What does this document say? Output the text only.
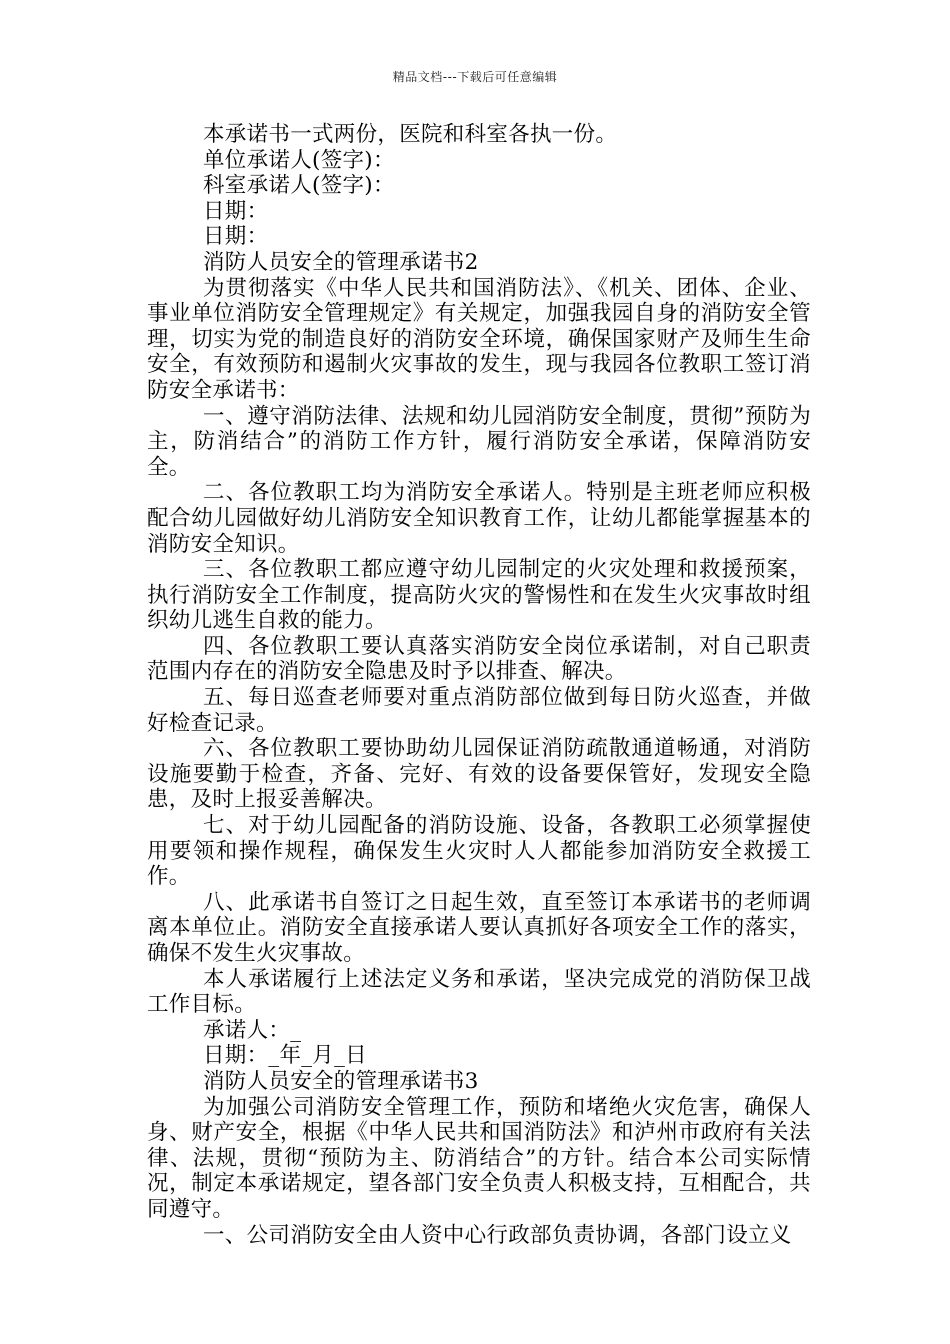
精品文档---下载后可任意编辑

本承诺书一式两份，医院和科室各执一份。

单位承诺人(签字)：

科室承诺人(签字)：

日期：

日期：

消防人员安全的管理承诺书2

为贯彻落实《中华人民共和国消防法》、《机关、团体、企业、事业单位消防安全管理规定》有关规定，加强我园自身的消防安全管理，切实为党的制造良好的消防安全环境，确保国家财产及师生生命安全，有效预防和遏制火灾事故的发生，现与我园各位教职工签订消防安全承诺书：

一、遵守消防法律、法规和幼儿园消防安全制度，贯彻”预防为主，防消结合”的消防工作方针，履行消防安全承诺，保障消防安全。

二、各位教职工均为消防安全承诺人。特别是主班老师应积极配合幼儿园做好幼儿消防安全知识教育工作，让幼儿都能掌握基本的消防安全知识。

三、各位教职工都应遵守幼儿园制定的火灾处理和救援预案，执行消防安全工作制度，提高防火灾的警惕性和在发生火灾事故时组织幼儿逃生自救的能力。

四、各位教职工要认真落实消防安全岗位承诺制，对自己职责范围内存在的消防安全隐患及时予以排查、解决。

五、每日巡查老师要对重点消防部位做到每日防火巡查，并做好检查记录。

六、各位教职工要协助幼儿园保证消防疏散通道畅通，对消防设施要勤于检查，齐备、完好、有效的设备要保管好，发现安全隐患，及时上报妥善解决。

七、对于幼儿园配备的消防设施、设备，各教职工必须掌握使用要领和操作规程，确保发生火灾时人人都能参加消防安全救援工作。

八、此承诺书自签订之日起生效，直至签订本承诺书的老师调离本单位止。消防安全直接承诺人要认真抓好各项安全工作的落实，确保不发生火灾事故。

本人承诺履行上述法定义务和承诺，坚决完成党的消防保卫战工作目标。

承诺人：_

日期：_年_月_日

消防人员安全的管理承诺书3

为加强公司消防安全管理工作，预防和堵绝火灾危害，确保人身、财产安全，根据《中华人民共和国消防法》和泸州市政府有关法律、法规，贯彻“预防为主、防消结合”的方针。结合本公司实际情况，制定本承诺规定，望各部门安全负责人积极支持，互相配合，共同遵守。

一、公司消防安全由人资中心行政部负责协调，各部门设立义
